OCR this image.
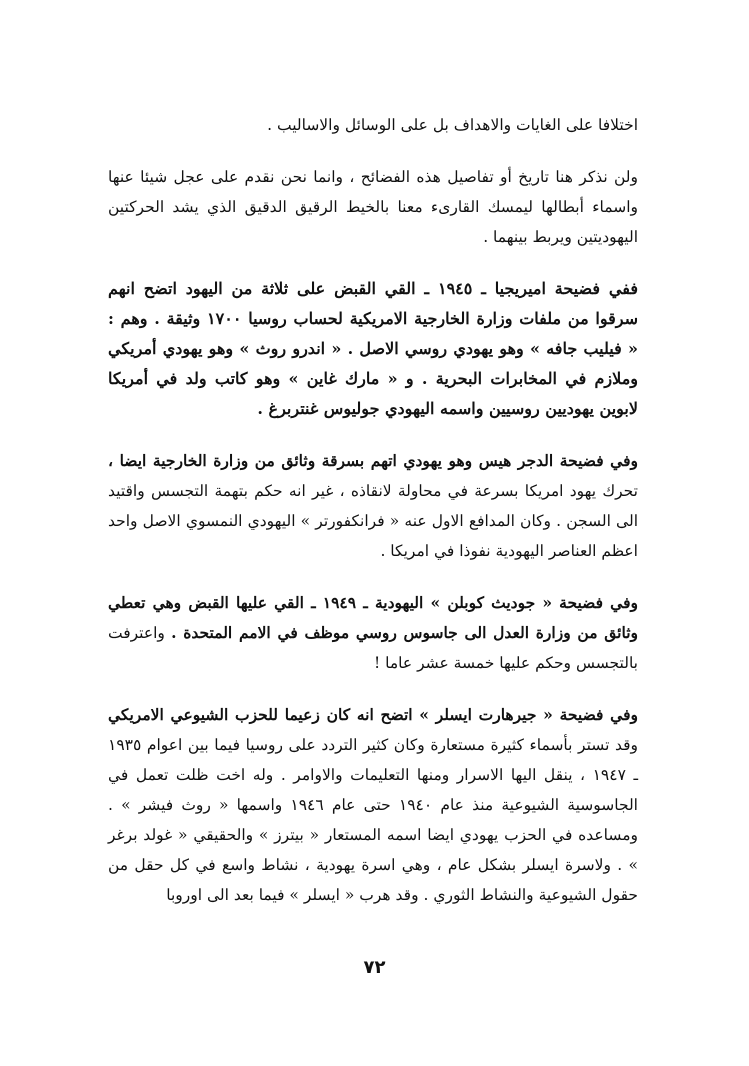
اختلافا على الغايات والاهداف بل على الوسائل والاساليب .

ولن نذكر هنا تاريخ أو تفاصيل هذه الفضائح ، وانما نحن نقدم على عجل شيئا عنها واسماء أبطالها ليمسك القارىء معنا بالخيط الرقيق الدقيق الذي يشد الحركتين اليهوديتين ويربط بينهما .

ففي فضيحة اميريجيا ـ ١٩٤٥ ـ القي القبض على ثلاثة من اليهود اتضح انهم سرقوا من ملفات وزارة الخارجية الامريكية لحساب روسيا ١٧٠٠ وثيقة . وهم : « فيليب جافه » وهو يهودي روسي الاصل . « اندرو روث » وهو يهودي أمريكي وملازم في المخابرات البحرية . و « مارك غاين » وهو كاتب ولد في أمريكا لابوين يهوديين روسيين واسمه اليهودي جوليوس غنتربرغ .

وفي فضيحة الدجر هيس وهو يهودي اتهم بسرقة وثائق من وزارة الخارجية ايضا ، تحرك يهود امريكا بسرعة في محاولة لانقاذه ، غير انه حكم بتهمة التجسس واقتيد الى السجن . وكان المدافع الاول عنه « فرانكفورتر » اليهودي النمسوي الاصل واحد اعظم العناصر اليهودية نفوذا في امريكا .

وفي فضيحة « جوديث كوبلن » اليهودية ـ ١٩٤٩ ـ القي عليها القبض وهي تعطي وثائق من وزارة العدل الى جاسوس روسي موظف في الامم المتحدة . واعترفت بالتجسس وحكم عليها خمسة عشر عاما !

وفي فضيحة « جيرهارت ايسلر » اتضح انه كان زعيما للحزب الشيوعي الامريكي وقد تستر بأسماء كثيرة مستعارة وكان كثير التردد على روسيا فيما بين اعوام ١٩٣٥ ـ ١٩٤٧ ، ينقل اليها الاسرار ومنها التعليمات والاوامر . وله اخت ظلت تعمل في الجاسوسية الشيوعية منذ عام ١٩٤٠ حتى عام ١٩٤٦ واسمها « روث فيشر » . ومساعده في الحزب يهودي ايضا اسمه المستعار « بيترز » والحقيقي « غولد برغر » . ولاسرة ايسلر بشكل عام ، وهي اسرة يهودية ، نشاط واسع في كل حقل من حقول الشيوعية والنشاط الثوري . وقد هرب « ايسلر » فيما بعد الى اوروبا

٧٢
